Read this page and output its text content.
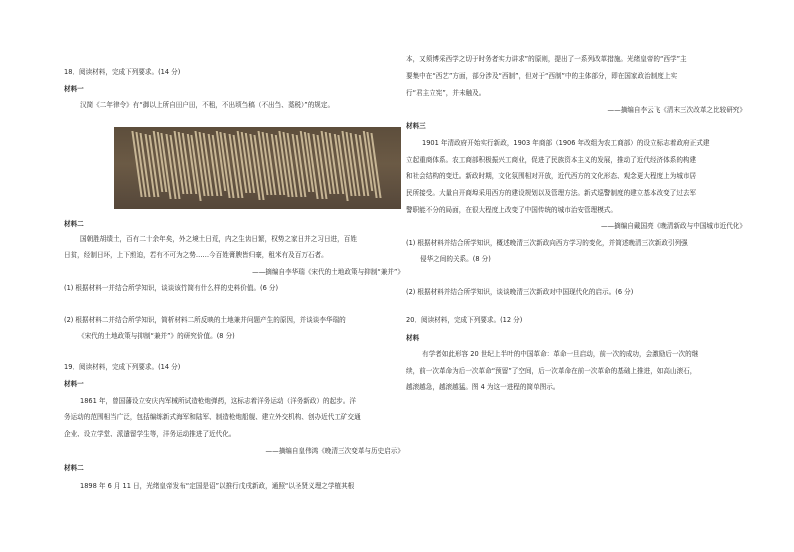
18．阅读材料，完成下列要求。(14 分)
材料一
汉简《二年律令》有“御以上所自田户田，不租，不出顷刍稿（不出刍、藁税）”的规定。
材料二
国朝胜胡绩土，百有二十余年矣，外之境土日荒，内之生齿日繁，权势之家日并之习日进，百姓
日贫，经制日坏，上下煎迫，若有不可为之势……今百姓膏腴皆归豪，租米有及百万石者。
——摘编自李华瑞《宋代的土地政策与抑制“兼并”》
(1) 根据材料一并结合所学知识，谈谈该竹简有什么样的史料价值。(6 分)
(2) 根据材料二并结合所学知识，简析材料二所反映的土地兼并问题产生的原因，并谈谈李华瑞的
《宋代的土地政策与抑制“兼并”》的研究价值。(8 分)
19．阅读材料，完成下列要求。(14 分)
材料一
1861 年，曾国藩设立安庆内军械所试造枪炮弹药，这标志着洋务运动（洋务新政）的起步。洋
务运动的范围相当广泛，包括编练新式海军和陆军、制造枪炮船舰、建立外交机构、创办近代工矿交通
企业、设立学堂、派遣留学生等，洋务运动推进了近代化。
——摘编自皇伟鸿《晚清三次变革与历史启示》
材料二
1898 年 6 月 11 日，光绪皇帝发布“定国是诏”以推行戊戌新政，通照“以圣贤义理之学植其根
本，又须博采西学之切于时务者实力讲求”的原则，提出了一系列改革措施。光绪皇帝的“西学”主
要集中在“西艺”方面，部分涉及“西制”，但对于“西制”中的主体部分，即在国家政治制度上实
行“君主立宪”，并未触及。
——摘编自李云飞《清末三次改革之比较研究》
材料三
1901 年清政府开始实行新政，1903 年商部（1906 年改组为农工商部）的设立标志着政府正式建
立起重商体系。农工商部积极振兴工商业，促进了民族资本主义的发展，推动了近代经济体系的构建
和社会结构的变迁。新政时期，文化氛围相对开放，近代西方的文化形态、观念更大程度上为城市居
民所接受。大量自开商埠采用西方的建设规划以及管理方法。新式巡警制度的建立基本改变了过去军
警职能不分的局面，在很大程度上改变了中国传统的城市治安管理模式。
——摘编自戴国亮《晚清新政与中国城市近代化》
(1) 根据材料并结合所学知识，概述晚清三次新政向西方学习的变化，并简述晚清三次新政引列强
侵华之间的关系。(8 分)
(2) 根据材料并结合所学知识，谈谈晚清三次新政对中国现代化的启示。(6 分)
20．阅读材料，完成下列要求。(12 分)
材料
有学者如此形容 20 世纪上半叶的中国革命：革命一旦启动，前一次的成功，会激励后一次的继
续，前一次革命为后一次革命“预留”了空间，后一次革命在前一次革命的基础上推进，如高山滚石，
越滚越急，越滚越猛。图 4 为这一进程的简单图示。
